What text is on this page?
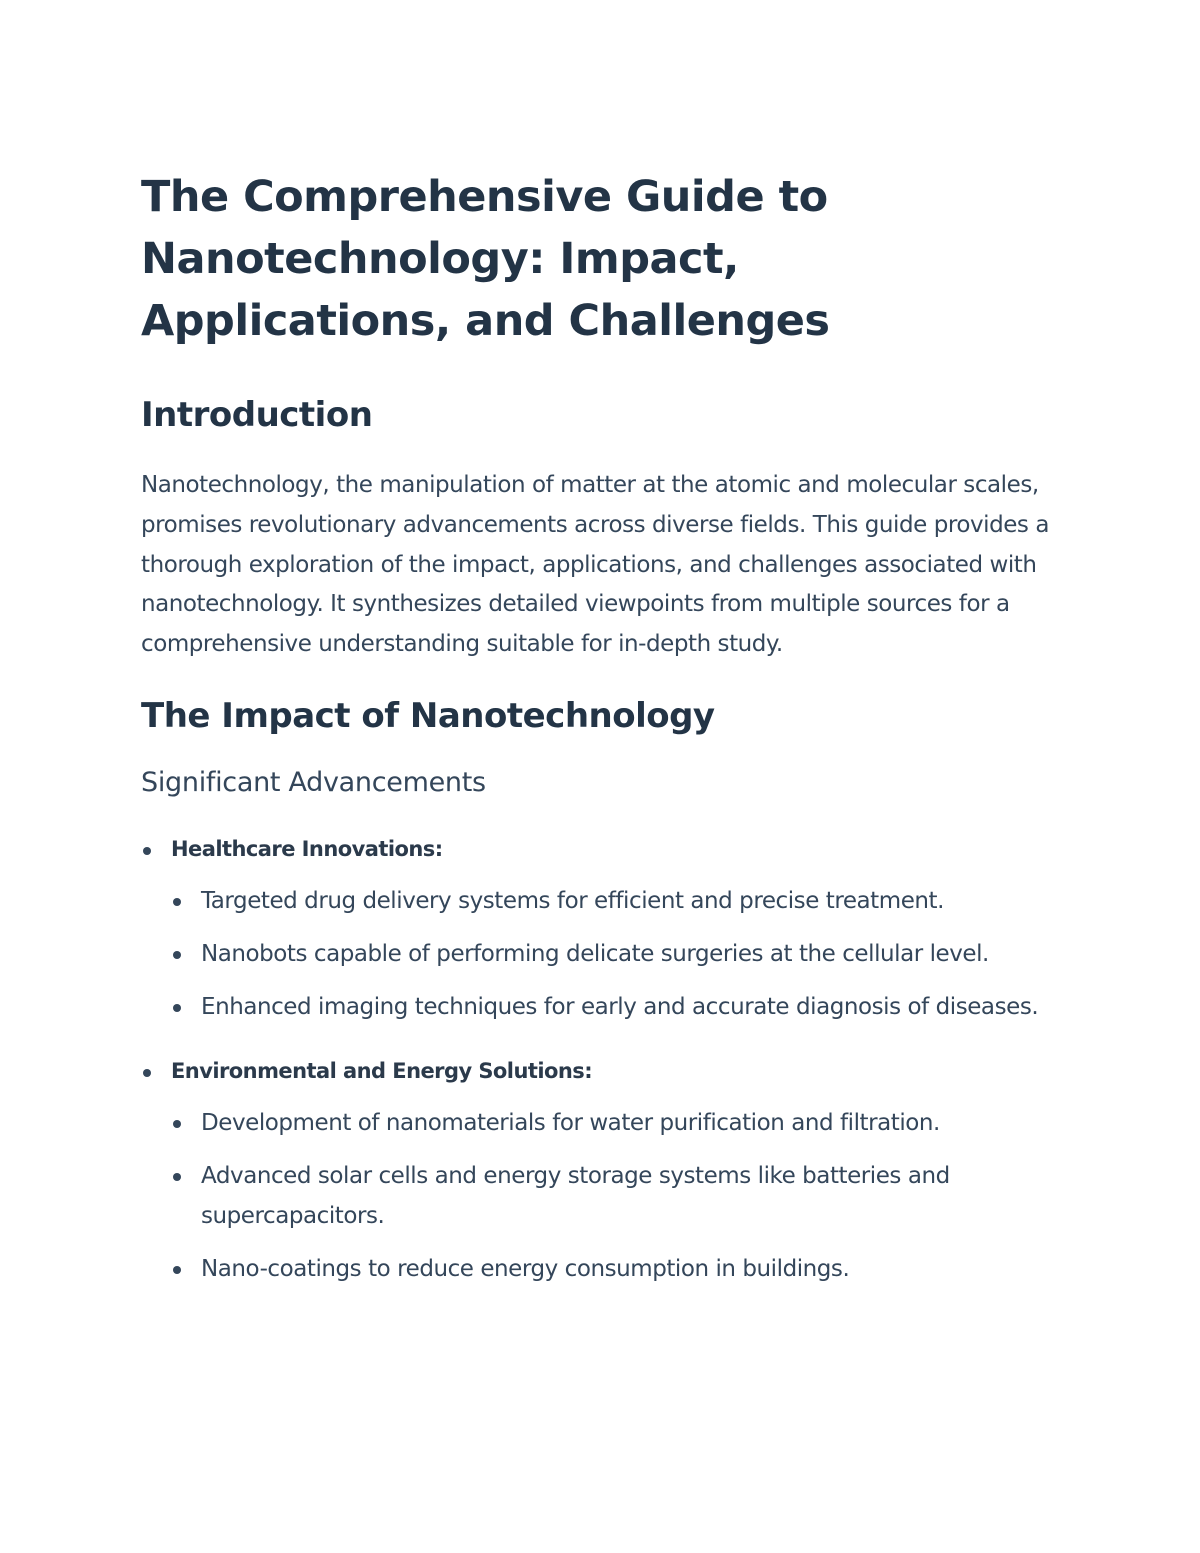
The Comprehensive Guide to Nanotechnology: Impact, Applications, and Challenges
Introduction

Nanotechnology, the manipulation of matter at the atomic and molecular scales, promises revolutionary advancements across diverse fields. This guide provides a thorough exploration of the impact, applications, and challenges associated with nanotechnology. It synthesizes detailed viewpoints from multiple sources for a comprehensive understanding suitable for in-depth study.

The Impact of Nanotechnology
Significant Advancements
Healthcare Innovations:
Targeted drug delivery systems for efficient and precise treatment.
Nanobots capable of performing delicate surgeries at the cellular level.
Enhanced imaging techniques for early and accurate diagnosis of diseases.
Environmental and Energy Solutions:
Development of nanomaterials for water purification and filtration.
Advanced solar cells and energy storage systems like batteries and supercapacitors.
Nano-coatings to reduce energy consumption in buildings.
